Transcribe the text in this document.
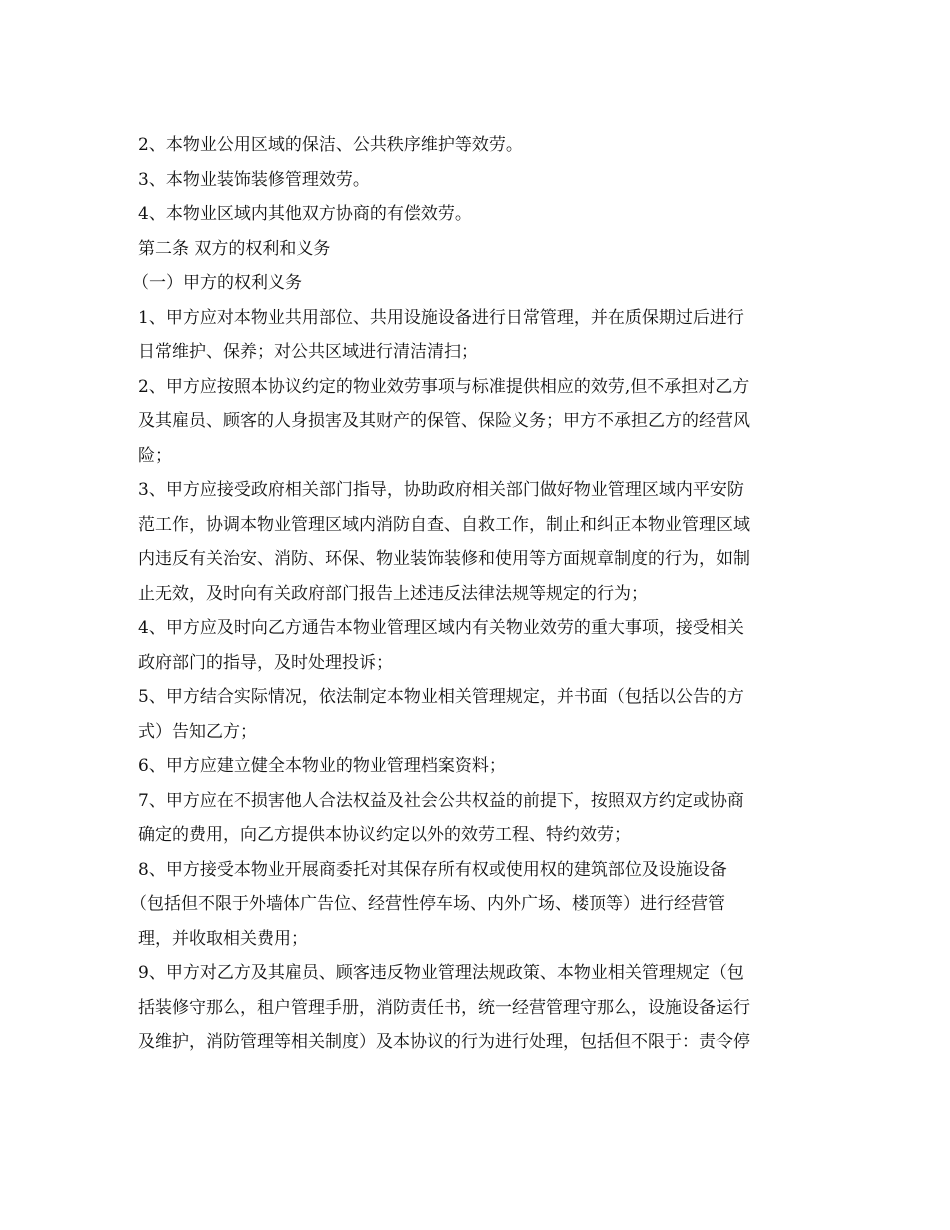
2、本物业公用区域的保洁、公共秩序维护等效劳。
3、本物业装饰装修管理效劳。
4、本物业区域内其他双方协商的有偿效劳。
第二条 双方的权利和义务
（一）甲方的权利义务
1、甲方应对本物业共用部位、共用设施设备进行日常管理，并在质保期过后进行
日常维护、保养；对公共区域进行清洁清扫；
2、甲方应按照本协议约定的物业效劳事项与标准提供相应的效劳,但不承担对乙方
及其雇员、顾客的人身损害及其财产的保管、保险义务；甲方不承担乙方的经营风
险；
3、甲方应接受政府相关部门指导，协助政府相关部门做好物业管理区域内平安防
范工作，协调本物业管理区域内消防自查、自救工作，制止和纠正本物业管理区域
内违反有关治安、消防、环保、物业装饰装修和使用等方面规章制度的行为，如制
止无效，及时向有关政府部门报告上述违反法律法规等规定的行为；
4、甲方应及时向乙方通告本物业管理区域内有关物业效劳的重大事项，接受相关
政府部门的指导，及时处理投诉；
5、甲方结合实际情况，依法制定本物业相关管理规定，并书面（包括以公告的方
式）告知乙方；
6、甲方应建立健全本物业的物业管理档案资料；
7、甲方应在不损害他人合法权益及社会公共权益的前提下，按照双方约定或协商
确定的费用，向乙方提供本协议约定以外的效劳工程、特约效劳；
8、甲方接受本物业开展商委托对其保存所有权或使用权的建筑部位及设施设备
（包括但不限于外墙体广告位、经营性停车场、内外广场、楼顶等）进行经营管
理，并收取相关费用；
9、甲方对乙方及其雇员、顾客违反物业管理法规政策、本物业相关管理规定（包
括装修守那么，租户管理手册，消防责任书，统一经营管理守那么，设施设备运行
及维护，消防管理等相关制度）及本协议的行为进行处理，包括但不限于：责令停
